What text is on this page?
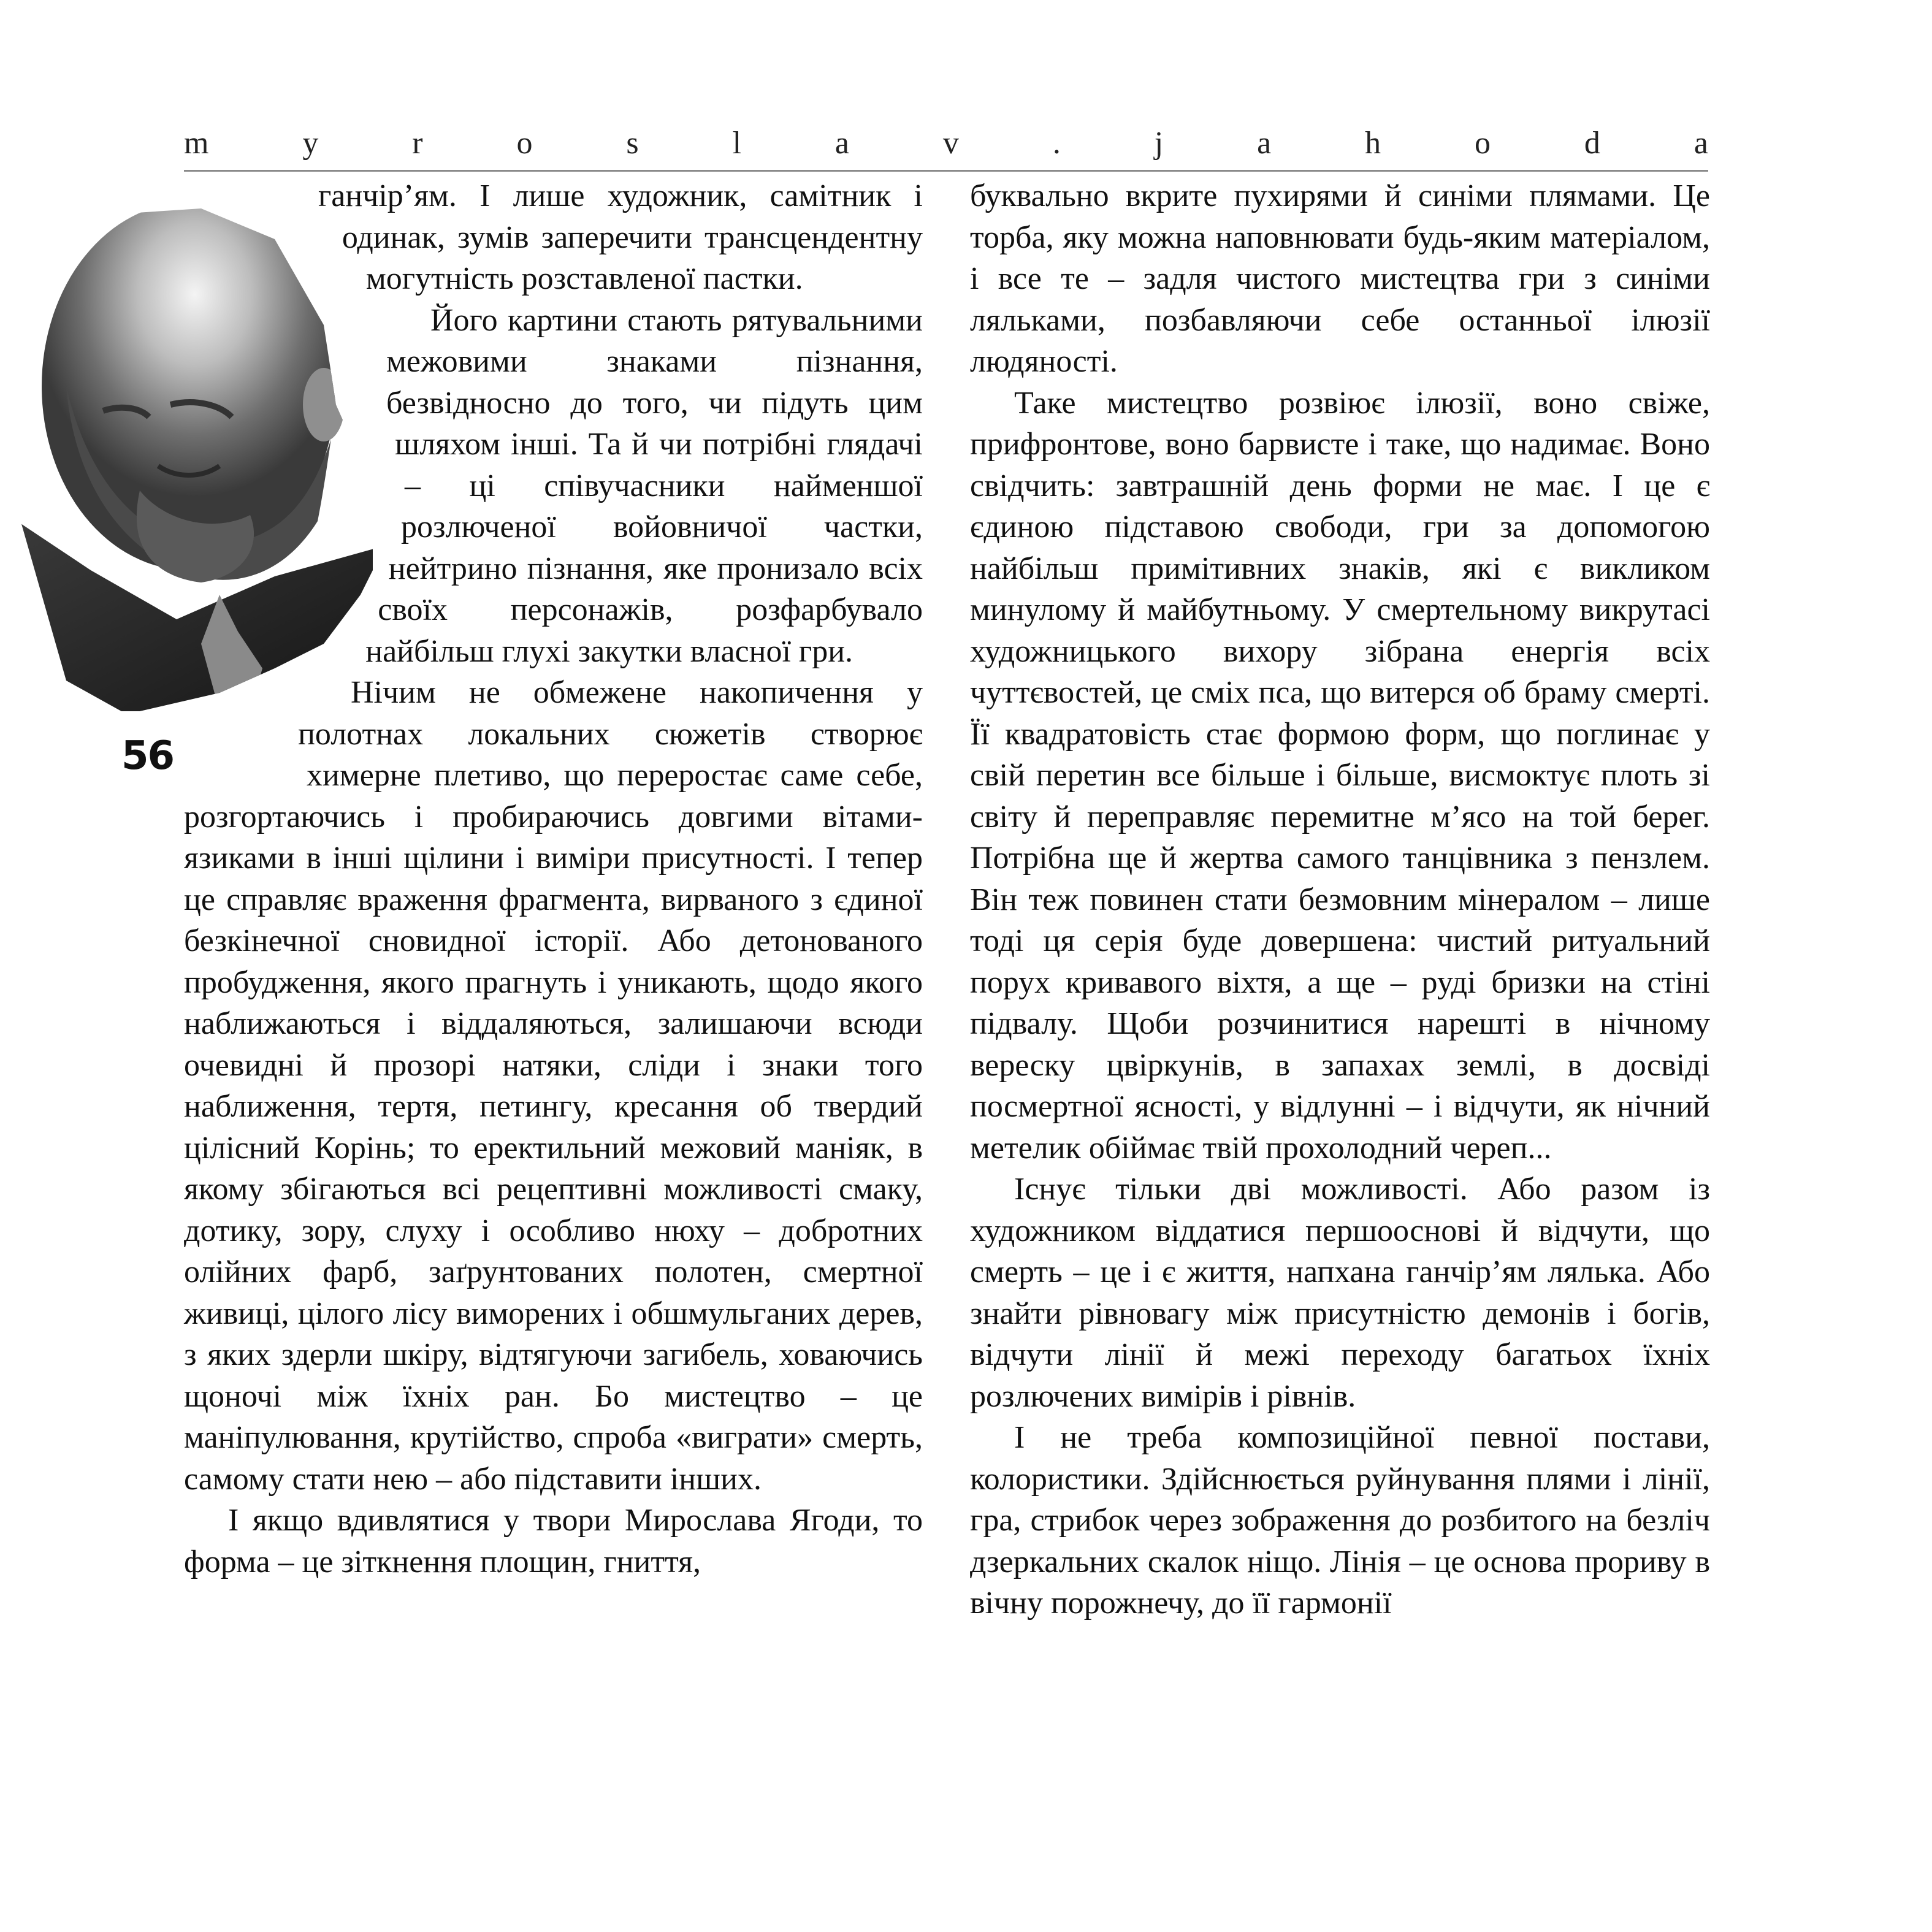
m	y	r	o	s	l	a	v	.	j	a	h	o	d	a
56

ганчір’ям. І лише художник, самітник і одинак, зумів заперечити трансцендентну могутність розставленої пастки.

Його картини стають рятувальними межовими знаками пізнання, безвідносно до того, чи підуть цим шляхом інші. Та й чи потрібні глядачі – ці співучасники найменшої розлюченої войовничої частки, нейтрино пізнання, яке пронизало всіх своїх персонажів, розфарбувало найбільш глухі закутки власної гри.

Нічим не обмежене накопичення у полотнах локальних сюжетів створює химерне плетиво, що переростає саме себе, розгортаючись і пробираючись довгими вітами-язиками в інші щілини і виміри присутності. І тепер це справляє враження фрагмента, вирваного з єдиної безкінечної сновидної історії. Або детонованого пробудження, якого прагнуть і уникають, щодо якого наближаються і віддаляються, залишаючи всюди очевидні й прозорі натяки, сліди і знаки того наближення, тертя, петингу, кресання об твердий цілісний Корінь; то еректильний межовий маніяк, в якому збігаються всі рецептивні можливості смаку, дотику, зору, слуху і особливо нюху – добротних олійних фарб, заґрунтованих полотен, смертної живиці, цілого лісу виморених і обшмульганих дерев, з яких здерли шкіру, відтягуючи загибель, ховаючись щоночі між їхніх ран. Бо мистецтво – це маніпулювання, крутійство, спроба «виграти» смерть, самому стати нею – або підставити інших.

І якщо вдивлятися у твори Мирослава Ягоди, то форма – це зіткнення площин, гниття,

буквально вкрите пухирями й синіми плямами. Це торба, яку можна наповнювати будь-яким матеріалом, і все те – задля чистого мистецтва гри з синіми ляльками, позбавляючи себе останньої ілюзії людяності.

Таке мистецтво розвіює ілюзії, воно свіже, прифронтове, воно барвисте і таке, що надимає. Воно свідчить: завтрашній день форми не має. І це є єдиною підставою свободи, гри за допомогою найбільш примітивних знаків, які є викликом минулому й майбутньому. У смертельному викрутасі художницького вихору зібрана енергія всіх чуттєвостей, це сміх пса, що витерся об браму смерті. Її квадратовість стає формою форм, що поглинає у свій перетин все більше і більше, висмоктує плоть зі світу й переправляє перемитне м’ясо на той берег. Потрібна ще й жертва самого танцівника з пензлем. Він теж повинен стати безмовним мінералом – лише тоді ця серія буде довершена: чистий ритуальний порух кривавого віхтя, а ще – руді бризки на стіні підвалу. Щоби розчинитися нарешті в нічному вереску цвіркунів, в запахах землі, в досвіді посмертної ясності, у відлунні – і відчути, як нічний метелик обіймає твій прохолодний череп...

Існує тільки дві можливості. Або разом із художником віддатися першооснові й відчути, що смерть – це і є життя, напхана ганчір’ям лялька. Або знайти рівновагу між присутністю демонів і богів, відчути лінії й межі переходу багатьох їхніх розлючених вимірів і рівнів.

І не треба композиційної певної постави, колористики. Здійснюється руйнування плями і лінії, гра, стрибок через зображення до розбитого на безліч дзеркальних скалок ніщо. Лінія – це основа прориву в вічну порожнечу, до її гармонії
